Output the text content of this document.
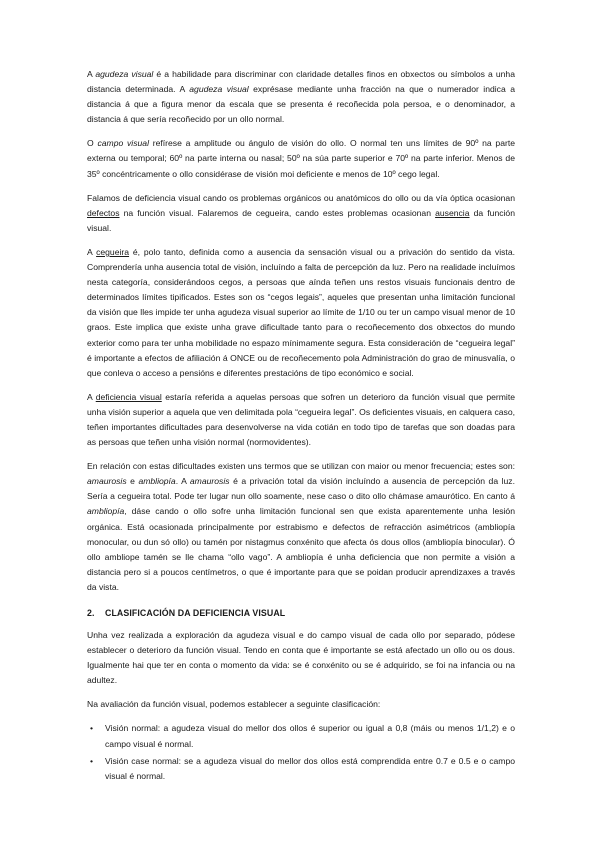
A agudeza visual é a habilidade para discriminar con claridade detalles finos en obxectos ou símbolos a unha distancia determinada. A agudeza visual exprésase mediante unha fracción na que o numerador indica a distancia á que a figura menor da escala que se presenta é recoñecida pola persoa, e o denominador, a distancia á que sería recoñecido por un ollo normal.

O campo visual refírese a amplitude ou ángulo de visión do ollo. O normal ten uns límites de 90º na parte externa ou temporal; 60º na parte interna ou nasal; 50º na súa parte superior e 70º na parte inferior. Menos de 35º concéntricamente o ollo considérase de visión moi deficiente e menos de 10º cego legal.

Falamos de deficiencia visual cando os problemas orgánicos ou anatómicos do ollo ou da vía óptica ocasionan defectos na función visual. Falaremos de cegueira, cando estes problemas ocasionan ausencia da función visual.

A cegueira é, polo tanto, definida como a ausencia da sensación visual ou a privación do sentido da vista. Comprendería unha ausencia total de visión, incluíndo a falta de percepción da luz. Pero na realidade incluímos nesta categoría, considerándoos cegos, a persoas que aínda teñen uns restos visuais funcionais dentro de determinados límites tipificados. Estes son os “cegos legais”, aqueles que presentan unha limitación funcional da visión que lles impide ter unha agudeza visual superior ao límite de 1/10 ou ter un campo visual menor de 10 graos. Este implica que existe unha grave dificultade tanto para o recoñecemento dos obxectos do mundo exterior como para ter unha mobilidade no espazo mínimamente segura. Esta consideración de “cegueira legal” é importante a efectos de afiliación á ONCE ou de recoñecemento pola Administración do grao de minusvalía, o que conleva o acceso a pensións e diferentes prestacións de tipo económico e social.

A deficiencia visual estaría referida a aquelas persoas que sofren un deterioro da función visual que permite unha visión superior a aquela que ven delimitada pola “cegueira legal”. Os deficientes visuais, en calquera caso, teñen importantes dificultades para desenvolverse na vida cotián en todo tipo de tarefas que son doadas para as persoas que teñen unha visión normal (normovidentes).

En relación con estas dificultades existen uns termos que se utilizan con maior ou menor frecuencia; estes son: amaurosis e ambliopía. A amaurosis é a privación total da visión incluíndo a ausencia de percepción da luz. Sería a cegueira total. Pode ter lugar nun ollo soamente, nese caso o dito ollo chámase amaurótico. En canto á ambliopía, dáse cando o ollo sofre unha limitación funcional sen que exista aparentemente unha lesión orgánica. Está ocasionada principalmente por estrabismo e defectos de refracción asimétricos (ambliopía monocular, ou dun só ollo) ou tamén por nistagmus conxénito que afecta ós dous ollos (ambliopía binocular). Ó ollo ambliope tamén se lle chama “ollo vago”. A ambliopía é unha deficiencia que non permite a visión a distancia pero si a poucos centímetros, o que é importante para que se poidan producir aprendizaxes a través da vista.

2. CLASIFICACIÓN DA DEFICIENCIA VISUAL

Unha vez realizada a exploración da agudeza visual e do campo visual de cada ollo por separado, pódese establecer o deterioro da función visual. Tendo en conta que é importante se está afectado un ollo ou os dous. Igualmente hai que ter en conta o momento da vida: se é conxénito ou se é adquirido, se foi na infancia ou na adultez.

Na avaliación da función visual, podemos establecer a seguinte clasificación:

• Visión normal: a agudeza visual do mellor dos ollos é superior ou igual a 0,8 (máis ou menos 1/1,2) e o campo visual é normal.
• Visión case normal: se a agudeza visual do mellor dos ollos está comprendida entre 0.7 e 0.5 e o campo visual é normal.
